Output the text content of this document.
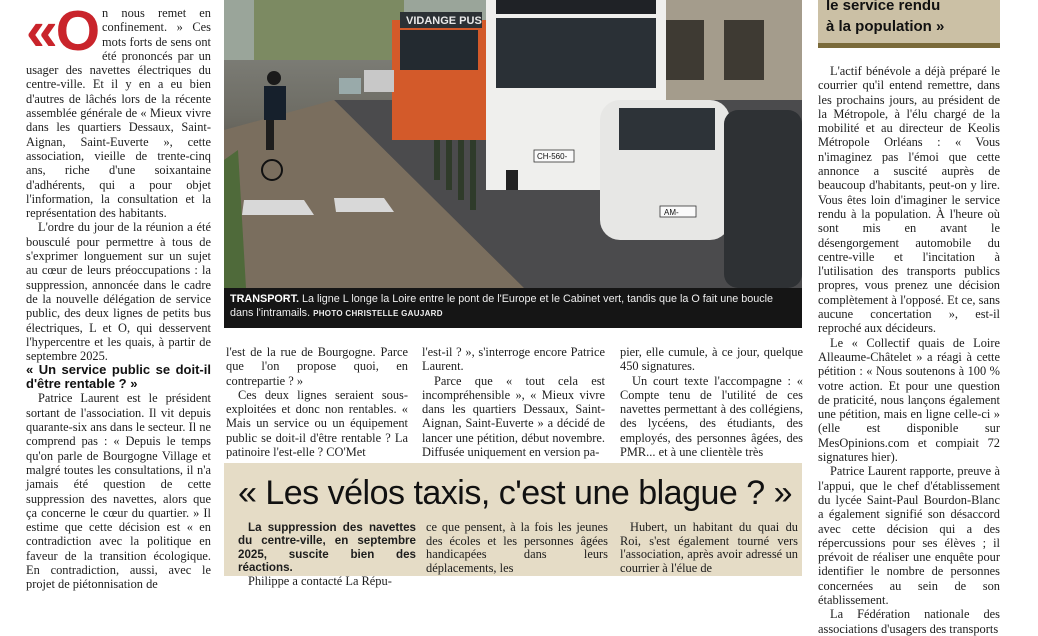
«On nous remet en confinement. » Ces mots forts de sens ont été prononcés par un usager des navettes électriques du centre-ville. Et il y en a eu bien d'autres de lâchés lors de la récente assemblée générale de « Mieux vivre dans les quartiers Dessaux, Saint-Aignan, Saint-Euverte », cette association, vieille de trente-cinq ans, riche d'une soixantaine d'adhérents, qui a pour objet l'information, la consultation et la représentation des habitants.

L'ordre du jour de la réunion a été bousculé pour permettre à tous de s'exprimer longuement sur un sujet au cœur de leurs préoccupations : la suppression, annoncée dans le cadre de la nouvelle délégation de service public, des deux lignes de petits bus électriques, L et O, qui desservent l'hypercentre et les quais, à partir de septembre 2025.

« Un service public se doit-il d'être rentable ? »

Patrice Laurent est le président sortant de l'association. Il vit depuis quarante-six ans dans le secteur. Il ne comprend pas : « Depuis le temps qu'on parle de Bourgogne Village et malgré toutes les consultations, il n'a jamais été question de cette suppression des navettes, alors que ça concerne le cœur du quartier. » Il estime que cette décision est « en contradiction avec la politique en faveur de la transition écologique. En contradiction, aussi, avec le projet de piétonnisation de

VIDANGE PUS
CH-560-
AM-
TRANSPORT. La ligne L longe la Loire entre le pont de l'Europe et le Cabinet vert, tandis que la O fait une boucle dans l'intramails. PHOTO CHRISTELLE GAUJARD

l'est de la rue de Bourgogne. Parce que l'on propose quoi, en contrepartie ? »

Ces deux lignes seraient sous-exploitées et donc non rentables. « Mais un service ou un équipement public se doit-il d'être rentable ? La patinoire l'est-elle ? CO'Met

l'est-il ? », s'interroge encore Patrice Laurent.

Parce que « tout cela est incompréhensible », « Mieux vivre dans les quartiers Dessaux, Saint-Aignan, Saint-Euverte » a décidé de lancer une pétition, début novembre. Diffusée uniquement en version pa-

pier, elle cumule, à ce jour, quelque 450 signatures.

Un court texte l'accompagne : « Compte tenu de l'utilité de ces navettes permettant à des collégiens, des lycéens, des étudiants, des employés, des personnes âgées, des PMR... et à une clientèle très

le service rendu
à la population »

L'actif bénévole a déjà préparé le courrier qu'il entend remettre, dans les prochains jours, au président de la Métropole, à l'élu chargé de la mobilité et au directeur de Keolis Métropole Orléans : « Vous n'imaginez pas l'émoi que cette annonce a suscité auprès de beaucoup d'habitants, peut-on y lire. Vous êtes loin d'imaginer le service rendu à la population. À l'heure où sont mis en avant le désengorgement automobile du centre-ville et l'incitation à l'utilisation des transports publics propres, vous prenez une décision complètement à l'opposé. Et ce, sans aucune concertation », est-il reproché aux décideurs.

Le « Collectif quais de Loire Alleaume-Châtelet » a réagi à cette pétition : « Nous soutenons à 100 % votre action. Et pour une question de praticité, nous lançons également une pétition, mais en ligne celle-ci » (elle est disponible sur MesOpinions.com et compiait 72 signatures hier).

Patrice Laurent rapporte, preuve à l'appui, que le chef d'établissement du lycée Saint-Paul Bourdon-Blanc a également signifié son désaccord avec cette décision qui a des répercussions pour ses élèves ; il prévoit de réaliser une enquête pour identifier le nombre de personnes concernées au sein de son établissement.

La Fédération nationale des associations d'usagers des transports

« Les vélos taxis, c'est une blague ? »

La suppression des navettes du centre-ville, en septembre 2025, suscite bien des réactions.

Philippe a contacté La Répu-

ce que pensent, à la fois les jeunes des écoles et les personnes âgées handicapées dans leurs déplacements, les

Hubert, un habitant du quai du Roi, s'est également tourné vers l'association, après avoir adressé un courrier à l'élue de
